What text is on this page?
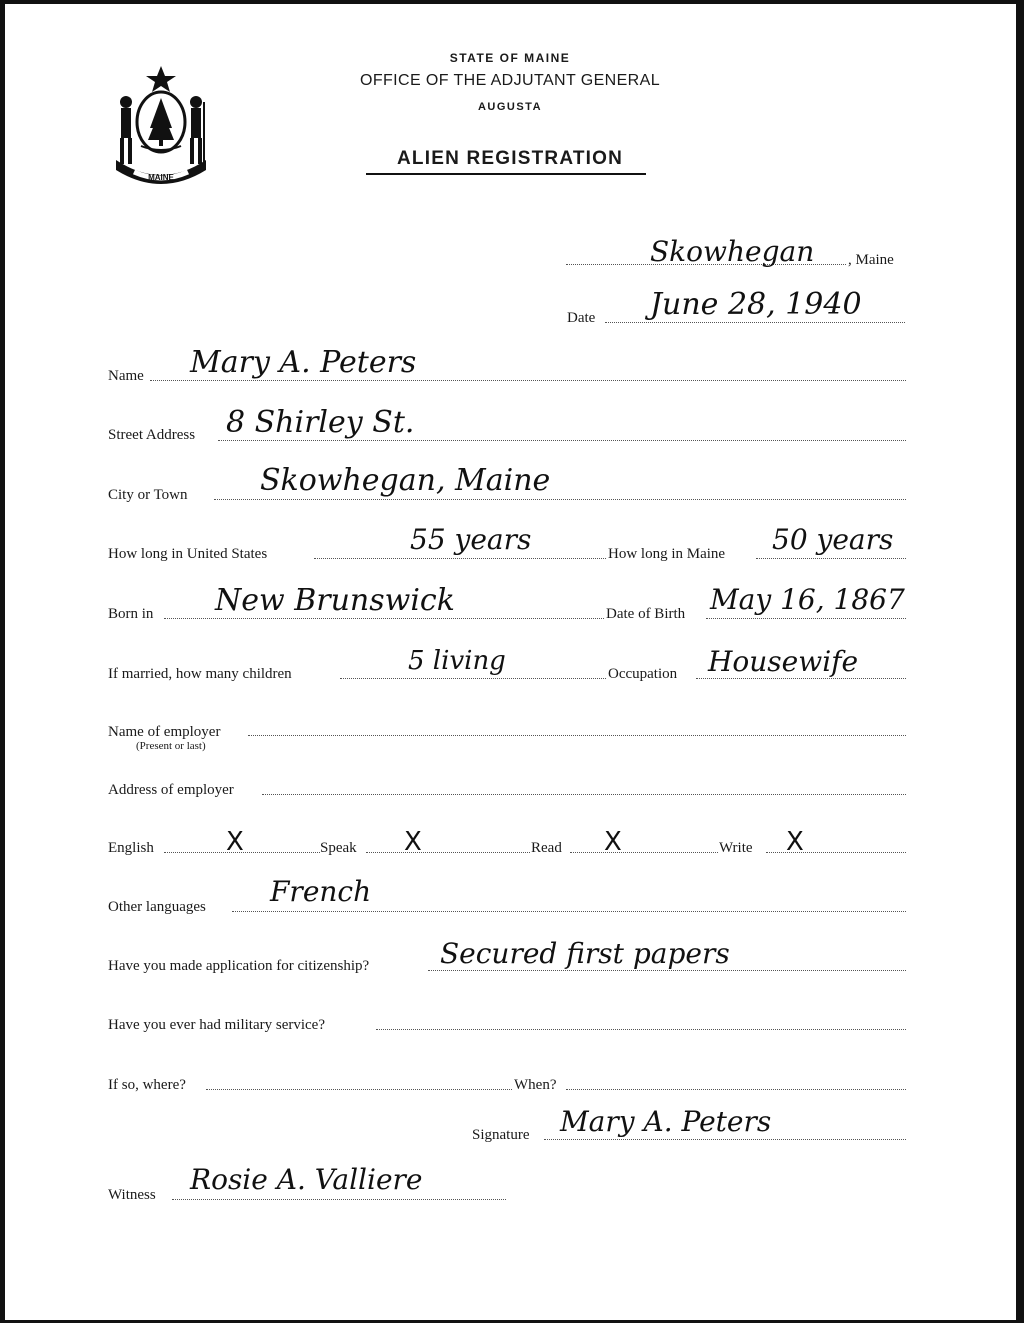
MAINE
STATE OF MAINE
OFFICE OF THE ADJUTANT GENERAL
AUGUSTA
ALIEN REGISTRATION
Skowhegan , Maine
Date June 28, 1940
Name Mary A. Peters
Street Address 8 Shirley St.
City or Town Skowhegan, Maine
How long in United States	55 years	How long in Maine 50 years
Born in New Brunswick	Date of Birth May 16, 1867
If married, how many children	5 living	Occupation Housewife
Name of employer
(Present or last)
Address of employer
English	X	Speak X	Read X	Write X
Other languages French
Have you made application for citizenship?	Secured first papers
Have you ever had military service?
If so, where?	When?
Signature Mary A. Peters
Witness Rosie A. Valliere
